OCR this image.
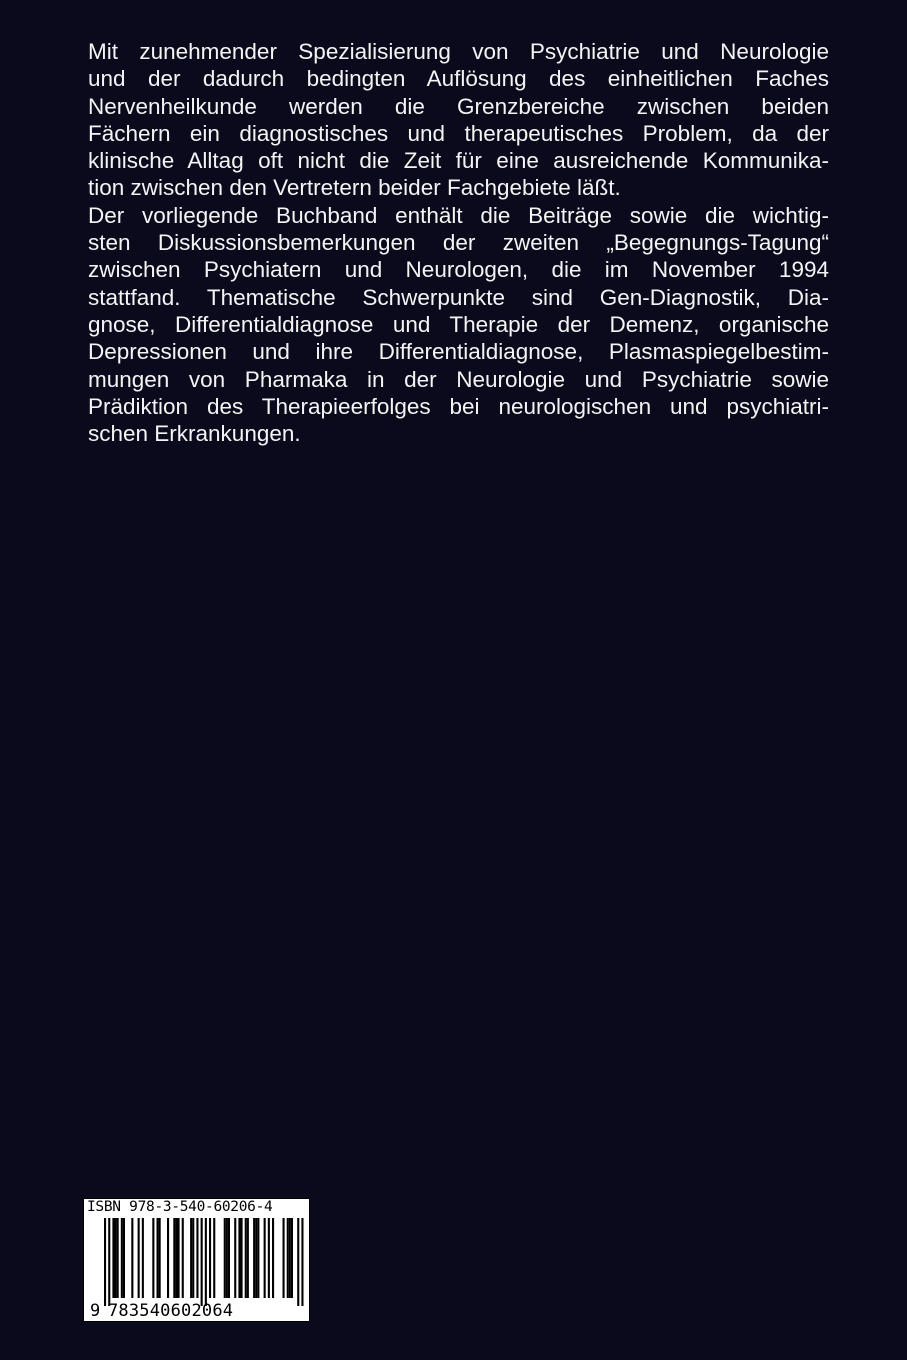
Mit zunehmender Spezialisierung von Psychiatrie und Neurologie
und der dadurch bedingten Auflösung des einheitlichen Faches
Nervenheilkunde werden die Grenzbereiche zwischen beiden
Fächern ein diagnostisches und therapeutisches Problem, da der
klinische Alltag oft nicht die Zeit für eine ausreichende Kommunika-
tion zwischen den Vertretern beider Fachgebiete läßt.
Der vorliegende Buchband enthält die Beiträge sowie die wichtig-
sten Diskussionsbemerkungen der zweiten „Begegnungs-Tagung“
zwischen Psychiatern und Neurologen, die im November 1994
stattfand. Thematische Schwerpunkte sind Gen-Diagnostik, Dia-
gnose, Differentialdiagnose und Therapie der Demenz, organische
Depressionen und ihre Differentialdiagnose, Plasmaspiegelbestim-
mungen von Pharmaka in der Neurologie und Psychiatrie sowie
Prädiktion des Therapieerfolges bei neurologischen und psychiatri-
schen Erkrankungen.
ISBN 978-3-540-60206-4
9 783540602064
